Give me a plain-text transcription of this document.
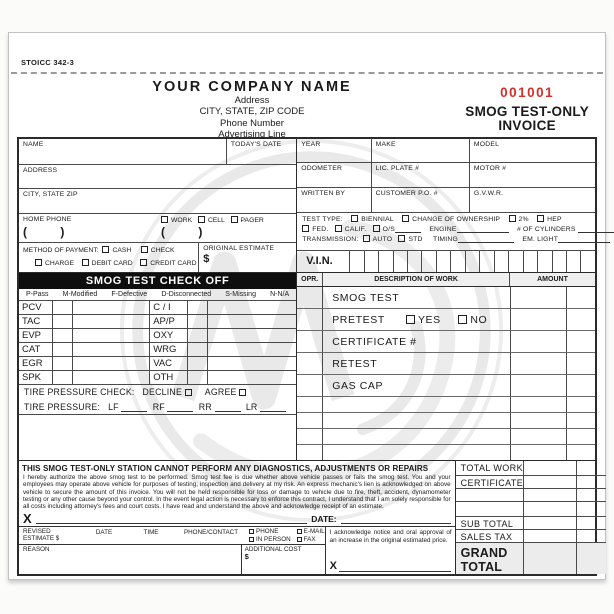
STOICC 342-3
YOUR COMPANY NAME
Address
CITY, STATE, ZIP CODE
Phone Number
Advertising Line
001001
SMOG TEST-ONLY
INVOICE
NAME	TODAY'S DATE
ADDRESS
CITY, STATE ZIP
HOME PHONE	WORK CELL PAGER
(          )	(          )
METHOD OF PAYMENT: CASH	CHECK
CHARGE	DEBIT CARD	CREDIT CARD
ORIGINAL ESTIMATE
$
YEAR	MAKE	MODEL
ODOMETER	LIC. PLATE #	MOTOR #
WRITTEN BY	CUSTOMER P.O. #	G.V.W.R.
TEST TYPE:	BIENNIAL	CHANGE OF OWNERSHIP	2%	HEP
FED. CALIF. O/S	ENGINE	# OF CYLINDERS
TRANSMISSION: AUTO STD TIMING	EM. LIGHT
V.I.N.
SMOG TEST CHECK OFF
P-Pass M-Modified F-Defective D-Disconnected S-Missing N-N/A
PCV	C / I
TAC	AP/P
EVP	OXY
CAT	WRG
EGR	VAC
SPK	OTH
TIRE PRESSURE CHECK: DECLINE	AGREE
TIRE PRESSURE: LF	RF	RR	LR
OPR.	DESCRIPTION OF WORK	AMOUNT
SMOG TEST
PRETEST	YES	NO
CERTIFICATE #
RETEST
GAS CAP
THIS SMOG TEST-ONLY STATION CANNOT PERFORM ANY DIAGNOSTICS, ADJUSTMENTS OR REPAIRS
I hereby authorize the above smog test to be performed. Smog test fee is due whether above vehicle passes or fails the smog test. You and your employees may operate above vehicle for purposes of testing, inspection and delivery at my risk. An express mechanic's lien is acknowledged on above vehicle to secure the amount of this invoice. You will not be held responsible for loss or damage to vehicle due to fire, theft, accident, dynamometer testing or any other cause beyond your control. In the event legal action is necessary to enforce this contract, I understand that I am solely responsible for all costs including attorney's fees and court costs. I have read and understand the above and acknowledge receipt of an estimate.
X	DATE:
REVISED
ESTIMATE $
DATE	TIME	PHONE/CONTACT	PHONE
IN PERSON
E-MAIL
FAX
REASON	ADDITIONAL COST
$
I acknowledge notice and oral approval of an increase in the original estimated price.
X
TOTAL WORK
CERTIFICATE
SUB TOTAL
SALES TAX
GRAND TOTAL
